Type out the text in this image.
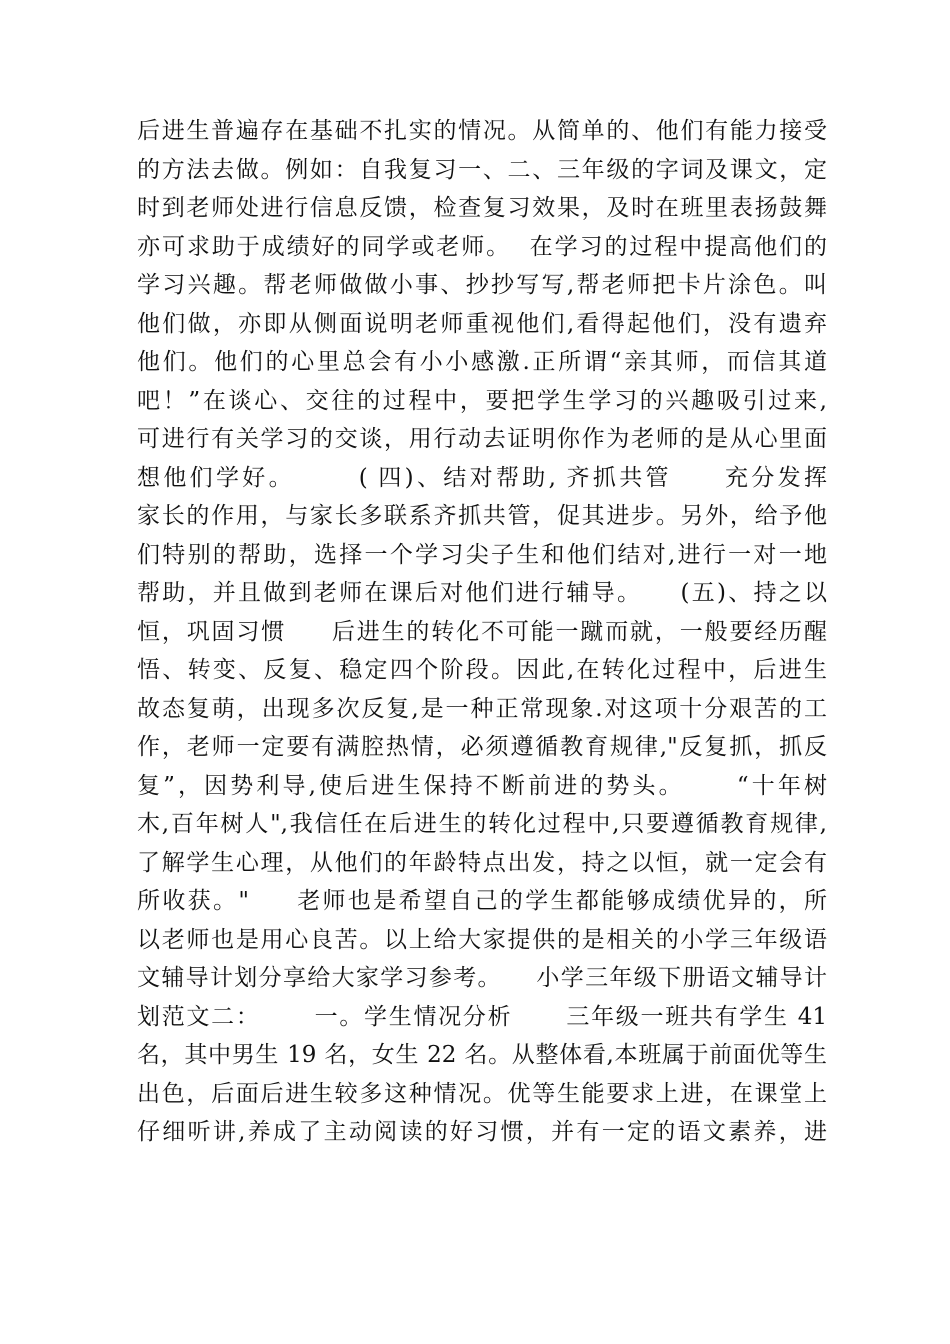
后进生普遍存在基础不扎实的情况。从简单的、他们有能力接受
的方法去做。例如：自我复习一、二、三年级的字词及课文，定
时到老师处进行信息反馈，检查复习效果，及时在班里表扬鼓舞
亦可求助于成绩好的同学或老师。  在学习的过程中提高他们的
学习兴趣。帮老师做做小事、抄抄写写,帮老师把卡片涂色。叫
他们做，亦即从侧面说明老师重视他们,看得起他们，没有遗弃
他们。他们的心里总会有小小感激.正所谓“亲其师，而信其道
吧！”在谈心、交往的过程中，要把学生学习的兴趣吸引过来,
可进行有关学习的交谈，用行动去证明你作为老师的是从心里面
想他们学好。      ( 四)、结对帮助, 齐抓共管     充分发挥
家长的作用，与家长多联系齐抓共管，促其进步。另外，给予他
们特别的帮助，选择一个学习尖子生和他们结对,进行一对一地
帮助，并且做到老师在课后对他们进行辅导。    (五)、持之以
恒，巩固习惯     后进生的转化不可能一蹴而就，一般要经历醒
悟、转变、反复、稳定四个阶段。因此,在转化过程中，后进生
故态复萌，出现多次反复,是一种正常现象.对这项十分艰苦的工
作，老师一定要有满腔热情，必须遵循教育规律,"反复抓，抓反
复”，因势利导,使后进生保持不断前进的势头。     “十年树
木,百年树人",我信任在后进生的转化过程中,只要遵循教育规律,
了解学生心理，从他们的年龄特点出发，持之以恒，就一定会有
所收获。"     老师也是希望自己的学生都能够成绩优异的，所
以老师也是用心良苦。以上给大家提供的是相关的小学三年级语
文辅导计划分享给大家学习参考。    小学三年级下册语文辅导计
划范文二：      一。学生情况分析      三年级一班共有学生 41
名，其中男生 19 名，女生 22 名。从整体看,本班属于前面优等生
出色，后面后进生较多这种情况。优等生能要求上进，在课堂上
仔细听讲,养成了主动阅读的好习惯，并有一定的语文素养，进
